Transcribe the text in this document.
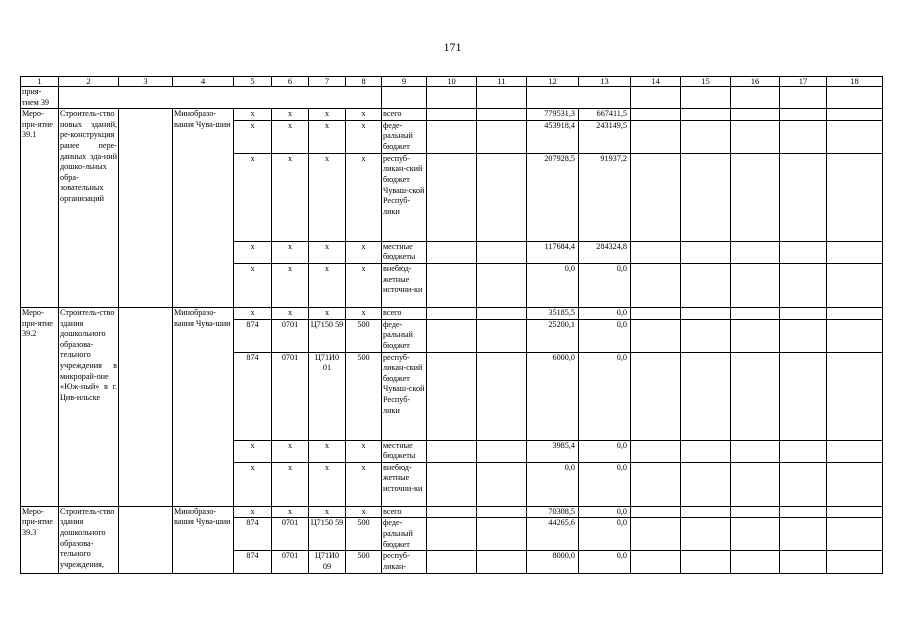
171
1	2	3	4	5	6	7	8	9	10	11	12	13	14	15	16	17	18
прия-тием 39																	
Меро-при-ятие 39.1	Строитель-ство новых зданий, ре-конструкция ранее пере-данных зда-ний дошко-льных обра-зовательных организаций		Минобразо-вания Чува-шии	х	х	х	х	всего			779531,3	667411,5					
				х	х	х	х	феде-ральный бюджет			453918,4	243149,5					
				х	х	х	х	респуб-ликан-ский бюджет Чуваш-ской Респуб-лики			207928,5	91937,2					
				х	х	х	х	местные бюджеты			117684,4	284324,8					
				х	х	х	х	внебюд-жетные источни-ки			0,0	0,0					
Меро-при-ятие 39.2	Строитель-ство здания дошкольного образова-тельного учреждения в микрорай-оне «Юж-ный» в г. Цив-ильске		Минобразо-вания Чува-шии	х	х	х	х	всего			35185,5	0,0					
				874	0701	Ц7150 59	500	феде-ральный бюджет			25200,1	0,0					
				874	0701	Ц71И0 01	500	респуб-ликан-ский бюджет Чуваш-ской Респуб-лики			6000,0	0,0					
				х	х	х	х	местные бюджеты			3985,4	0,0					
				х	х	х	х	внебюд-жетные источни-ки			0,0	0,0					
Меро-при-ятие 39.3	Строитель-ство здания дошкольного образова-тельного учреждения,		Минобразо-вания Чува-шии	х	х	х	х	всего			70308,5	0,0					
				874	0701	Ц7150 59	500	феде-ральный бюджет			44265,6	0,0					
				874	0701	Ц71И0 09	500	респуб-ликан-			8000,0	0,0					
